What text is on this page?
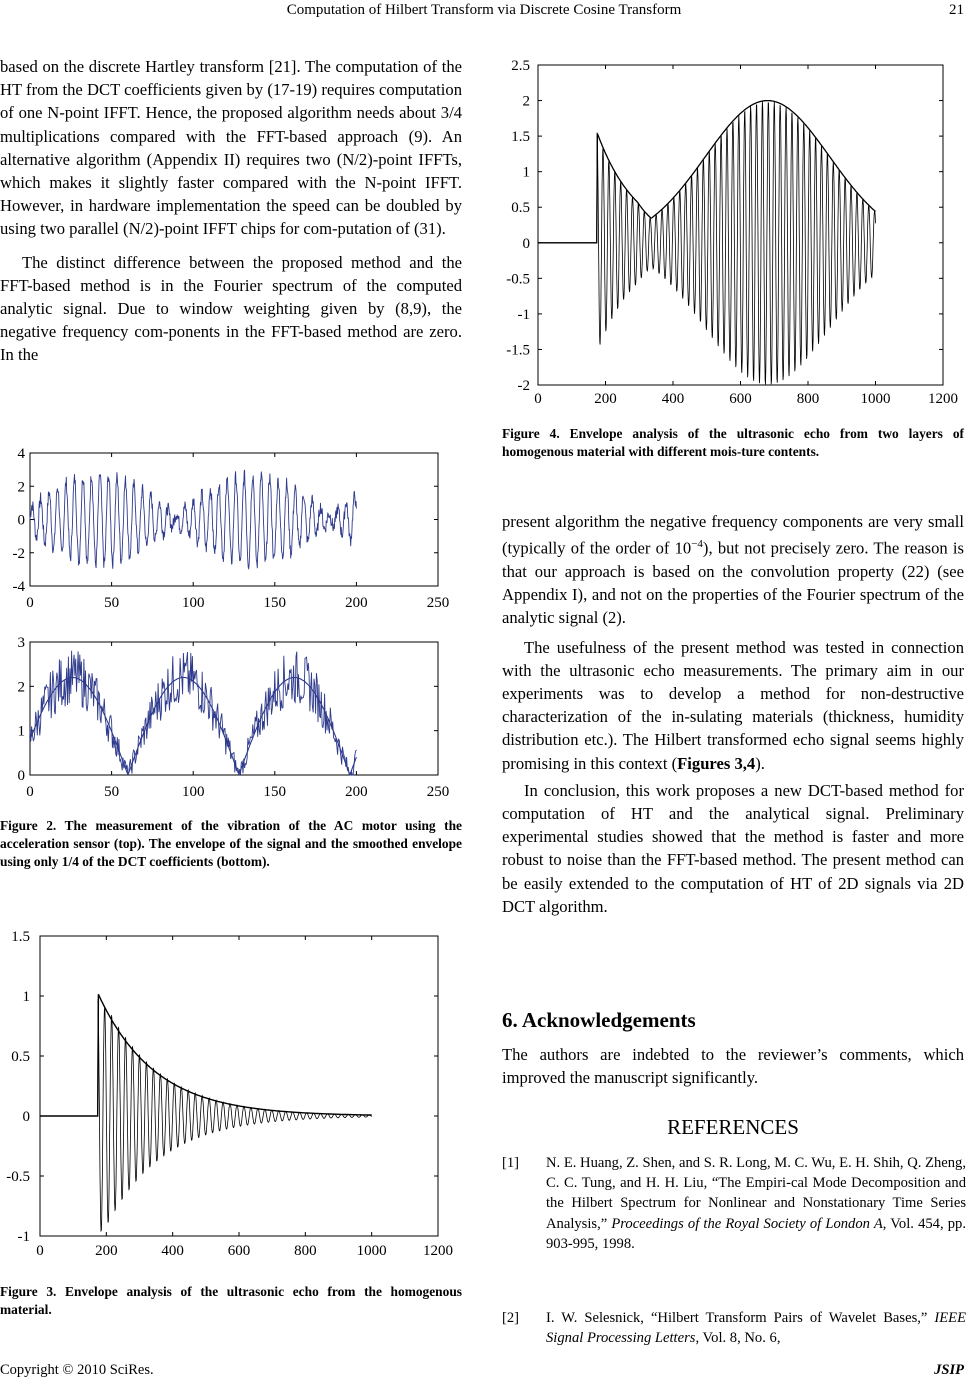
Computation of Hilbert Transform via Discrete Cosine Transform	21

based on the discrete Hartley transform [21]. The computation of the HT from the DCT coefficients given by (17-19) requires computation of one N-point IFFT. Hence, the proposed algorithm needs about 3/4 multiplications compared with the FFT-based approach (9). An alternative algorithm (Appendix II) requires two (N/2)-point IFFTs, which makes it slightly faster compared with the N-point IFFT. However, in hardware implementation the speed can be doubled by using two parallel (N/2)-point IFFT chips for com-putation of (31).

The distinct difference between the proposed method and the FFT-based method is in the Fourier spectrum of the computed analytic signal. Due to window weighting given by (8,9), the negative frequency com-ponents in the FFT-based method are zero. In the

0	50	100	150	200	250
4
2
0
-2
-4
0	50	100	150	200	250
3
2
1
0
Figure 2. The measurement of the vibration of the AC motor using the acceleration sensor (top). The envelope of the signal and the smoothed envelope using only 1/4 of the DCT coefficients (bottom).
0	200	400	600	800	1000 1200
1.5
1
0.5
0
-0.5
-1
Figure 3. Envelope analysis of the ultrasonic echo from the homogenous material.
0	200	400	600	800	1000	1200
2.5
2
1.5
1
0.5
0
-0.5
-1
-1.5
-2
Figure 4. Envelope analysis of the ultrasonic echo from two layers of homogenous material with different mois-ture contents.

present algorithm the negative frequency components are very small (typically of the order of $10^{-4}$), but not precisely zero. The reason is that our approach is based on the convolution property (22) (see Appendix I), and not on the properties of the Fourier spectrum of the analytic signal (2).

The usefulness of the present method was tested in connection with the ultrasonic echo measurements. The primary aim in our experiments was to develop a method for non-destructive characterization of the in-sulating materials (thickness, humidity distribution etc.). The Hilbert transformed echo signal seems highly promising in this context (Figures 3,4).

In conclusion, this work proposes a new DCT-based method for computation of HT and the analytical signal. Preliminary experimental studies showed that the method is faster and more robust to noise than the FFT-based method. The present method can be easily extended to the computation of HT of 2D signals via 2D DCT algorithm.

6. Acknowledgements

The authors are indebted to the reviewer’s comments, which improved the manuscript significantly.

REFERENCES
[1] N. E. Huang, Z. Shen, and S. R. Long, M. C. Wu, E. H. Shih, Q. Zheng, C. C. Tung, and H. H. Liu, “The Empiri-cal Mode Decomposition and the Hilbert Spectrum for Nonlinear and Nonstationary Time Series Analysis,” Proceedings of the Royal Society of London A, Vol. 454, pp. 903-995, 1998.
[2] I. W. Selesnick, “Hilbert Transform Pairs of Wavelet Bases,” IEEE Signal Processing Letters, Vol. 8, No. 6,
Copyright © 2010 SciRes.	JSIP
